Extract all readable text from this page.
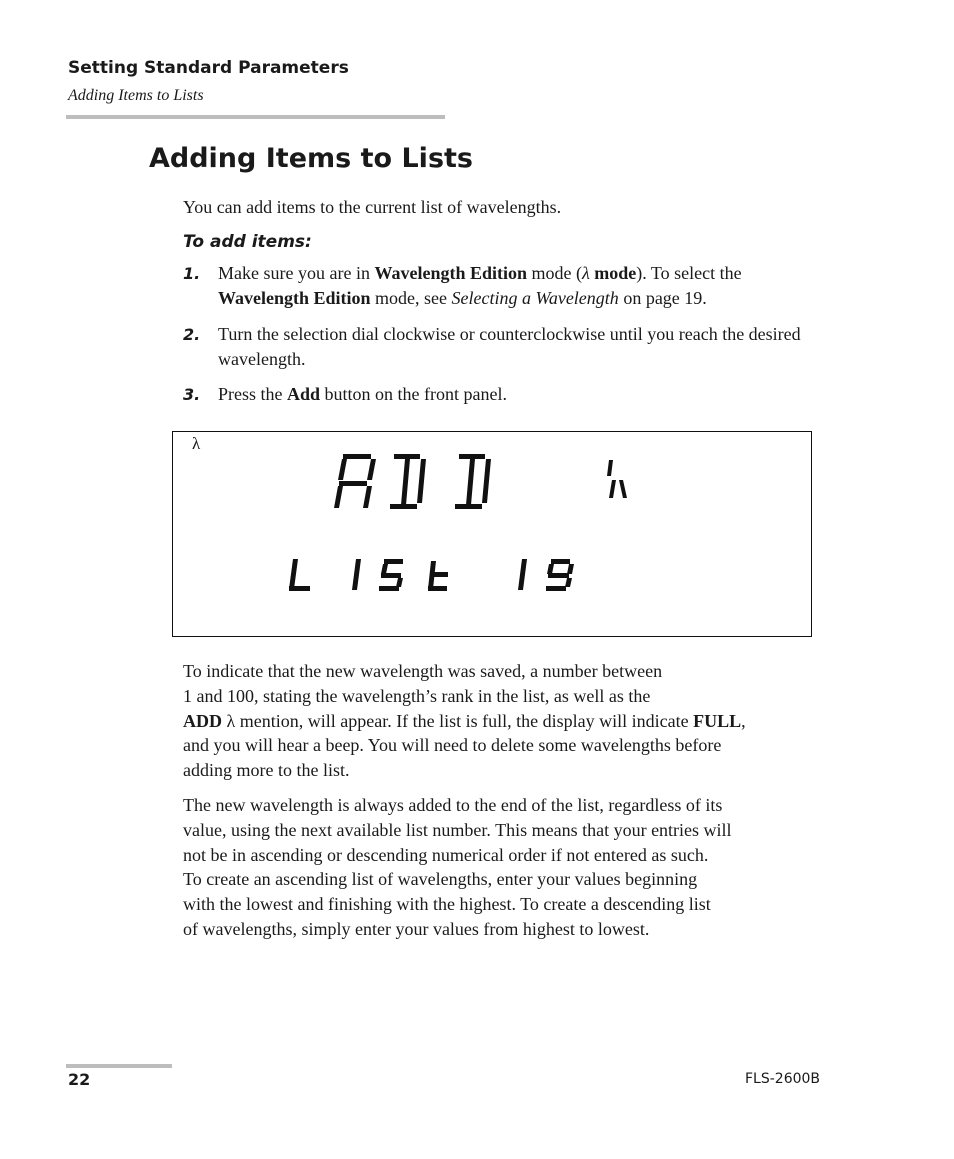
Setting Standard Parameters
Adding Items to Lists
Adding Items to Lists
You can add items to the current list of wavelengths.
To add items:
1. Make sure you are in Wavelength Edition mode (λ mode). To select the Wavelength Edition mode, see Selecting a Wavelength on page 19.
2. Turn the selection dial clockwise or counterclockwise until you reach the desired wavelength.
3. Press the Add button on the front panel.
λ
To indicate that the new wavelength was saved, a number between
1 and 100, stating the wavelength’s rank in the list, as well as the
ADD λ mention, will appear. If the list is full, the display will indicate FULL,
and you will hear a beep. You will need to delete some wavelengths before
adding more to the list.
The new wavelength is always added to the end of the list, regardless of its
value, using the next available list number. This means that your entries will
not be in ascending or descending numerical order if not entered as such.
To create an ascending list of wavelengths, enter your values beginning
with the lowest and finishing with the highest. To create a descending list
of wavelengths, simply enter your values from highest to lowest.
22	FLS-2600B
